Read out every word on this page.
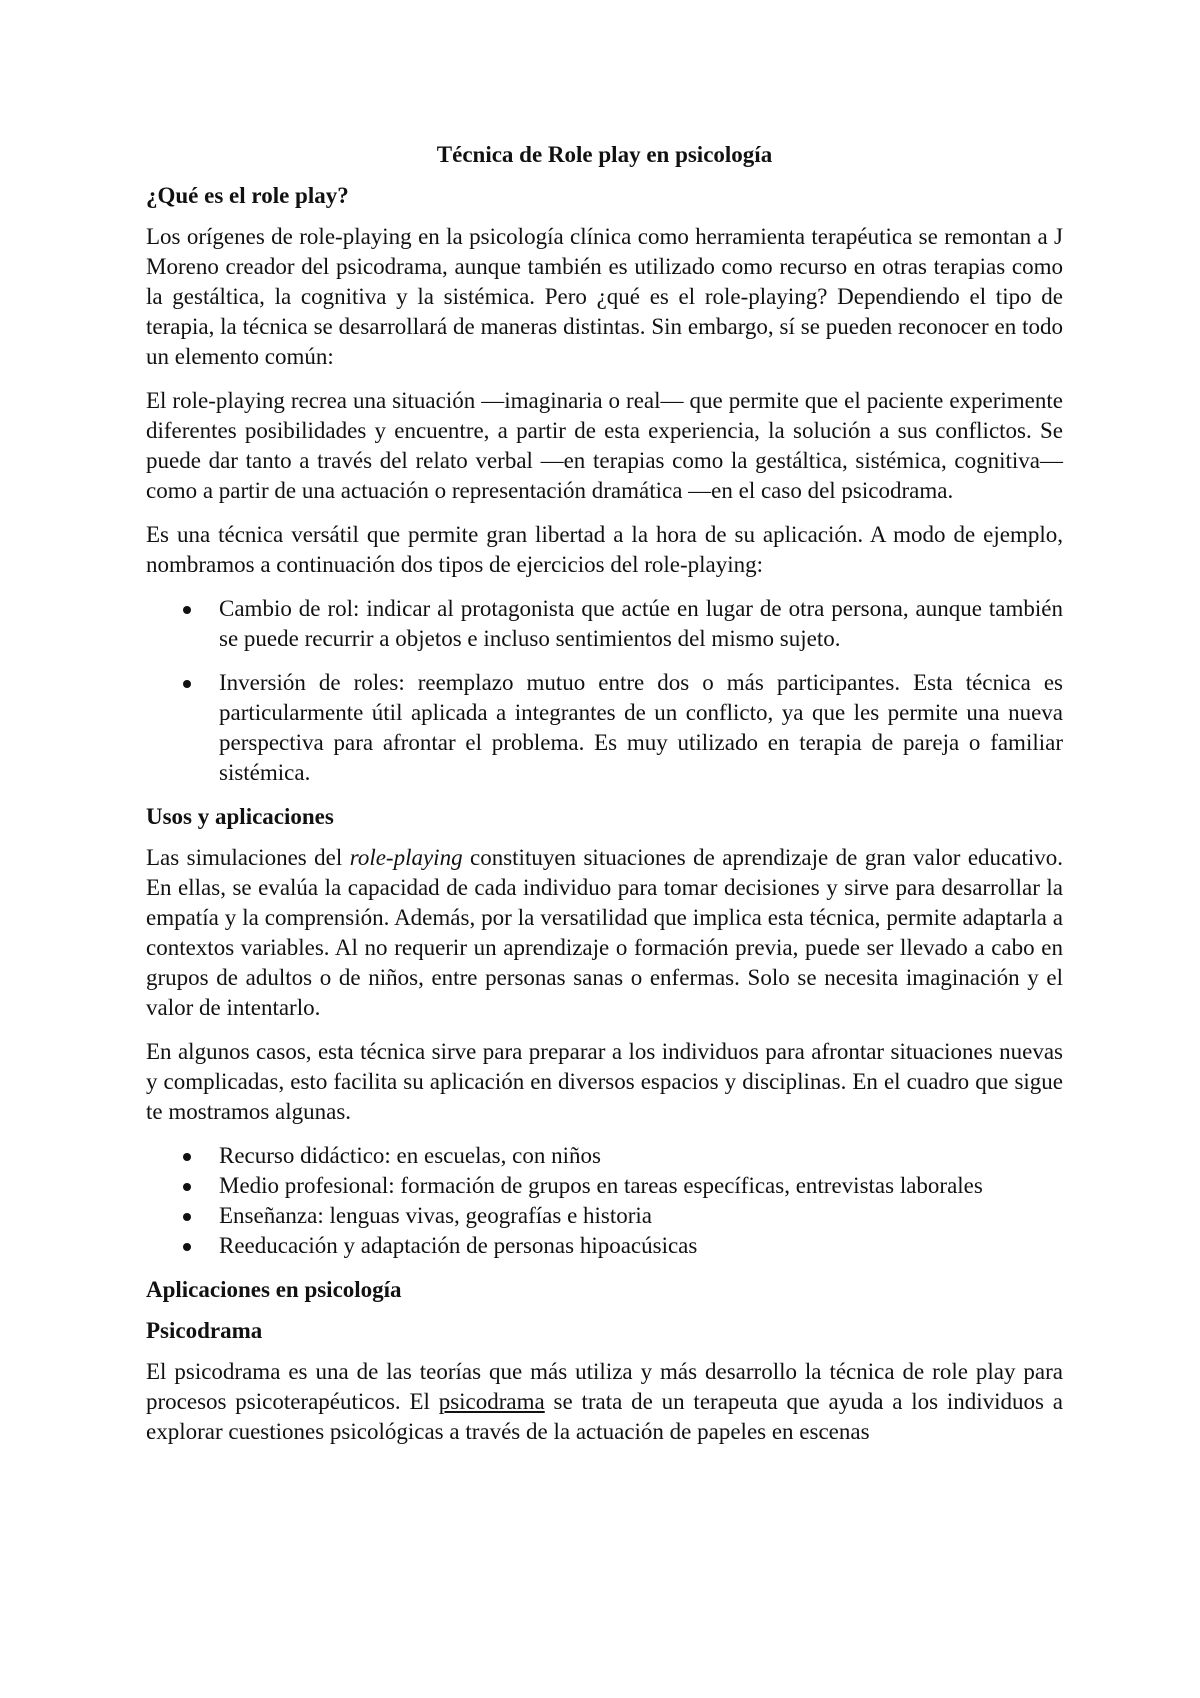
Técnica de Role play en psicología
¿Qué es el role play?

Los orígenes de role-playing en la psicología clínica como herramienta terapéutica se remontan a J Moreno creador del psicodrama, aunque también es utilizado como recurso en otras terapias como la gestáltica, la cognitiva y la sistémica. Pero ¿qué es el role-playing? Dependiendo el tipo de terapia, la técnica se desarrollará de maneras distintas. Sin embargo, sí se pueden reconocer en todo un elemento común:

El role-playing recrea una situación —imaginaria o real— que permite que el paciente experimente diferentes posibilidades y encuentre, a partir de esta experiencia, la solución a sus conflictos. Se puede dar tanto a través del relato verbal —en terapias como la gestáltica, sistémica, cognitiva— como a partir de una actuación o representación dramática —en el caso del psicodrama.

Es una técnica versátil que permite gran libertad a la hora de su aplicación. A modo de ejemplo, nombramos a continuación dos tipos de ejercicios del role-playing:

Cambio de rol: indicar al protagonista que actúe en lugar de otra persona, aunque también se puede recurrir a objetos e incluso sentimientos del mismo sujeto.
Inversión de roles: reemplazo mutuo entre dos o más participantes. Esta técnica es particularmente útil aplicada a integrantes de un conflicto, ya que les permite una nueva perspectiva para afrontar el problema. Es muy utilizado en terapia de pareja o familiar sistémica.
Usos y aplicaciones

Las simulaciones del role-playing constituyen situaciones de aprendizaje de gran valor educativo. En ellas, se evalúa la capacidad de cada individuo para tomar decisiones y sirve para desarrollar la empatía y la comprensión. Además, por la versatilidad que implica esta técnica, permite adaptarla a contextos variables. Al no requerir un aprendizaje o formación previa, puede ser llevado a cabo en grupos de adultos o de niños, entre personas sanas o enfermas. Solo se necesita imaginación y el valor de intentarlo.

En algunos casos, esta técnica sirve para preparar a los individuos para afrontar situaciones nuevas y complicadas, esto facilita su aplicación en diversos espacios y disciplinas. En el cuadro que sigue te mostramos algunas.

Recurso didáctico: en escuelas, con niños
Medio profesional: formación de grupos en tareas específicas, entrevistas laborales
Enseñanza: lenguas vivas, geografías e historia
Reeducación y adaptación de personas hipoacúsicas
Aplicaciones en psicología
Psicodrama

El psicodrama es una de las teorías que más utiliza y más desarrollo la técnica de role play para procesos psicoterapéuticos. El psicodrama se trata de un terapeuta que ayuda a los individuos a explorar cuestiones psicológicas a través de la actuación de papeles en escenas
